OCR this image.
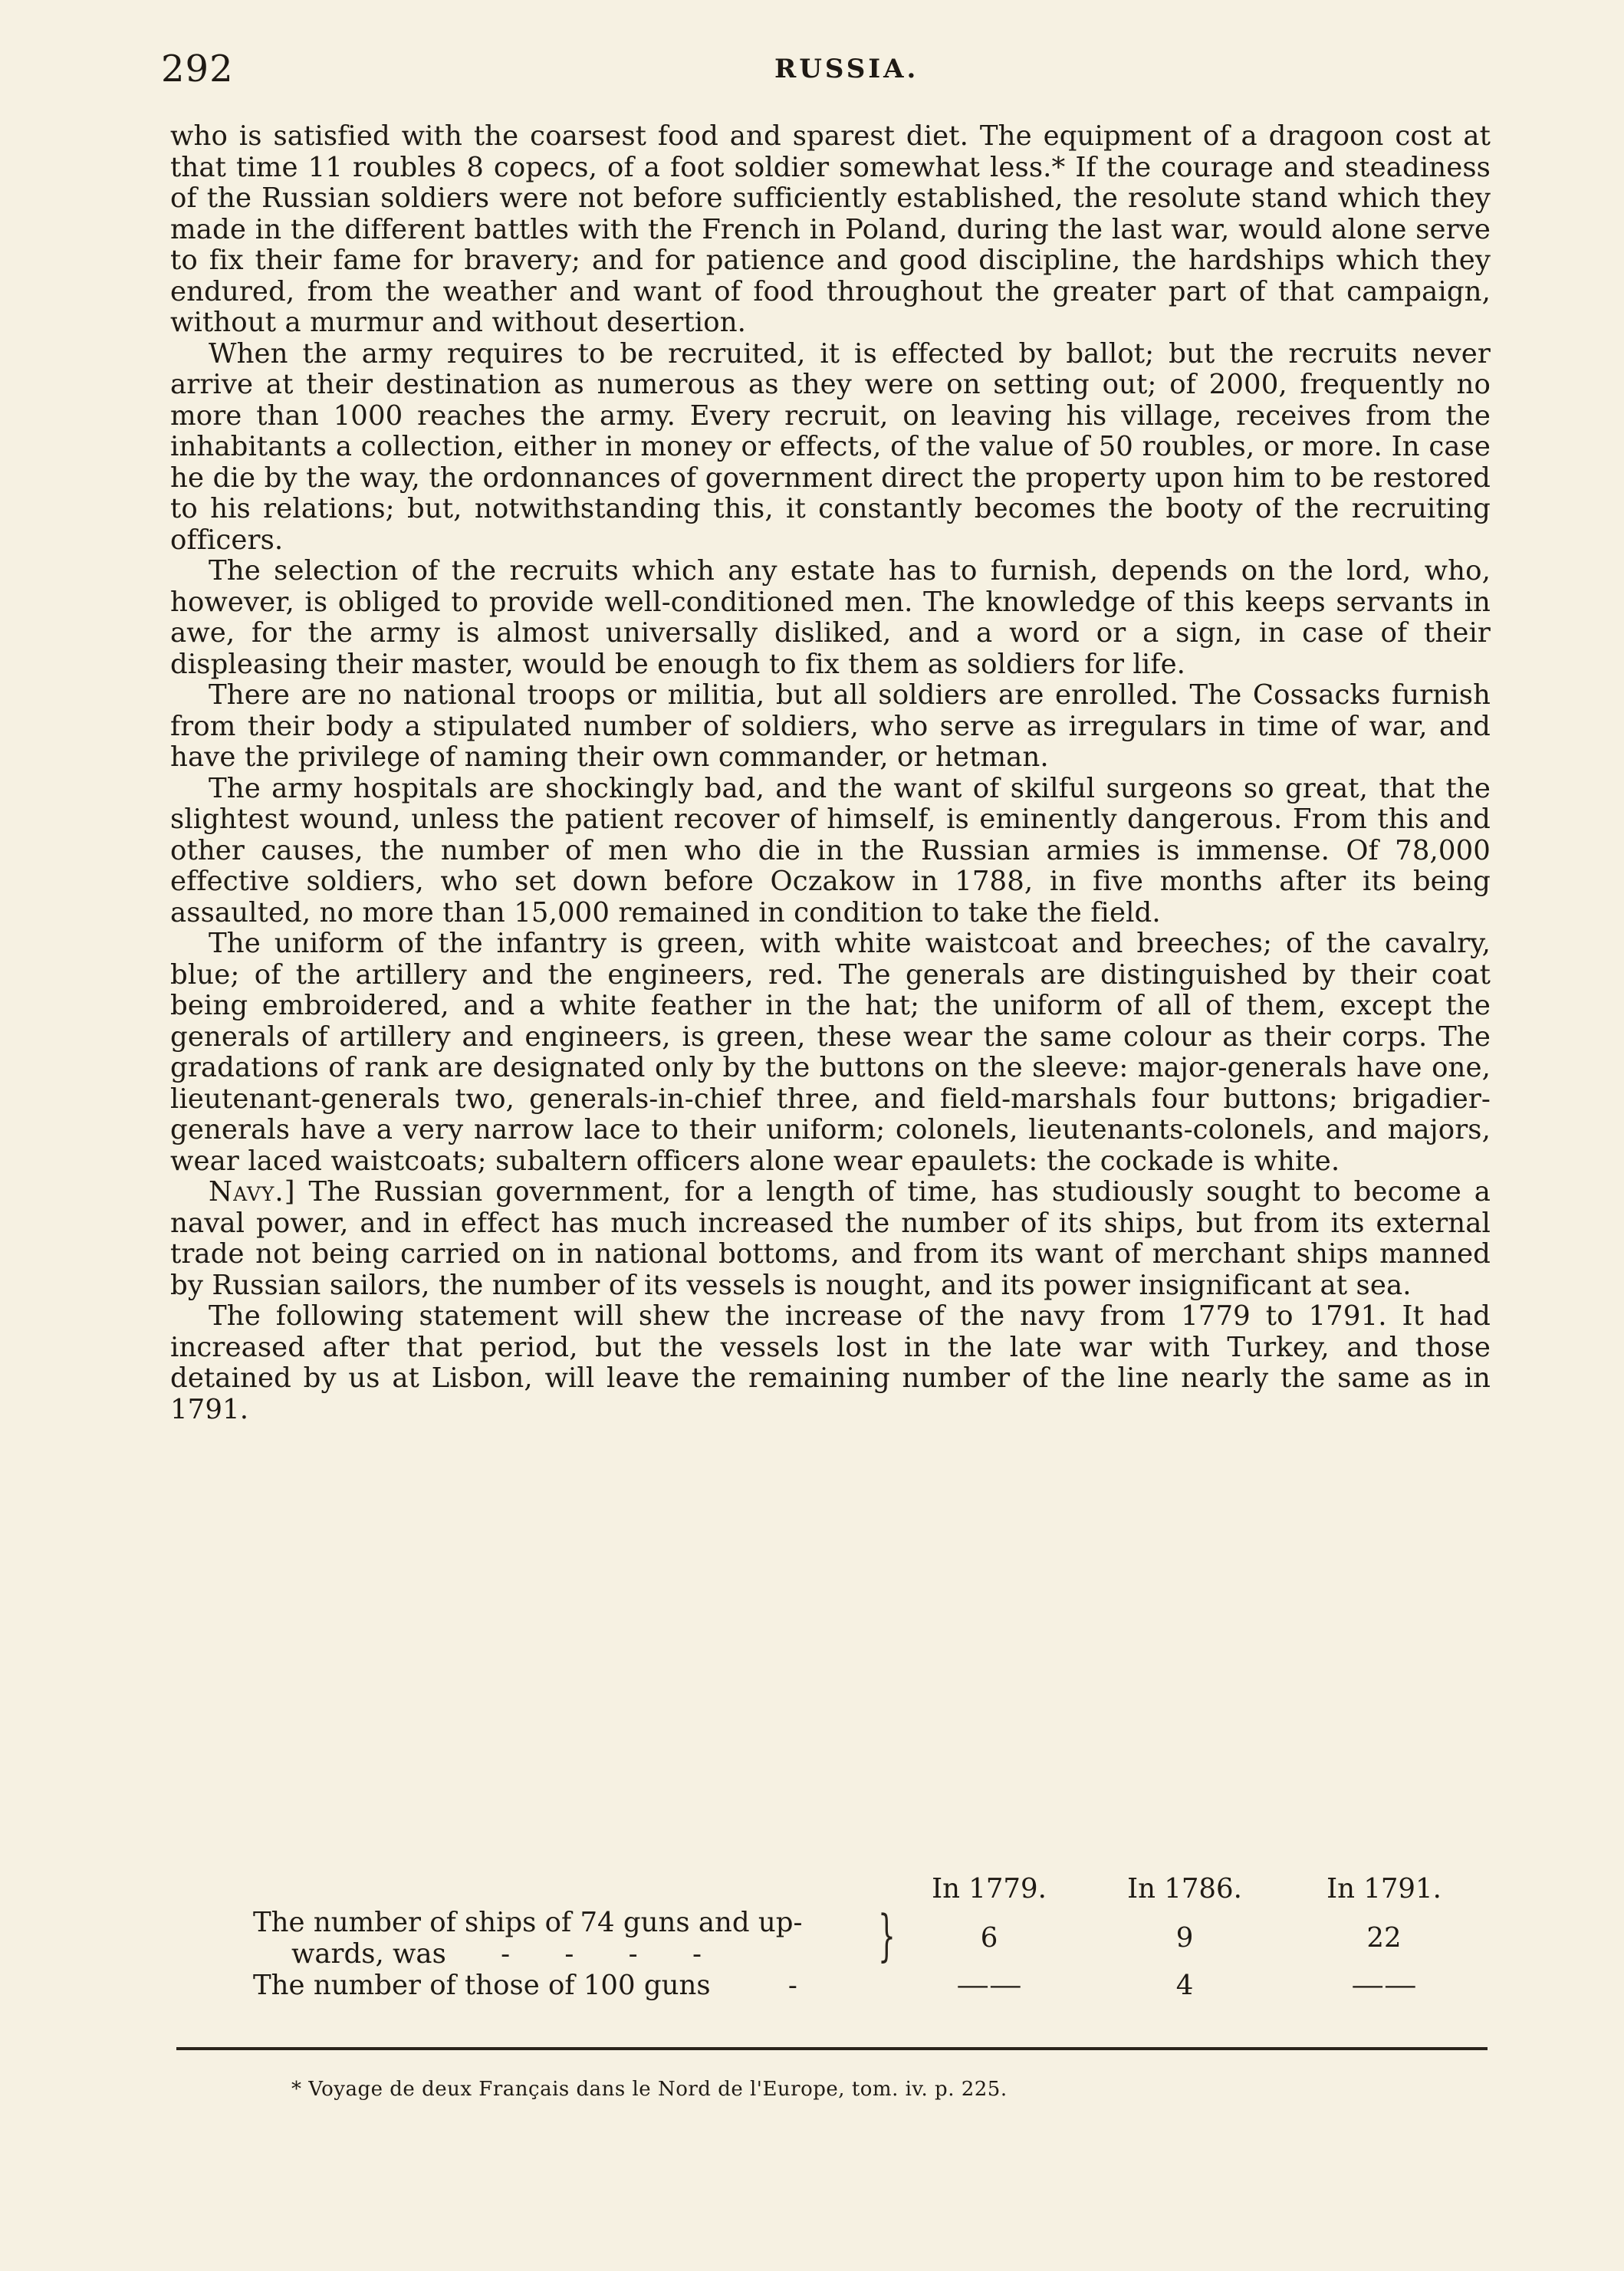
292	RUSSIA.

who is satisfied with the coarsest food and sparest diet. The equipment of a dragoon cost at that time 11 roubles 8 copecs, of a foot soldier somewhat less.* If the courage and steadiness of the Russian soldiers were not before sufficiently established, the resolute stand which they made in the different battles with the French in Poland, during the last war, would alone serve to fix their fame for bravery; and for patience and good discipline, the hardships which they endured, from the weather and want of food throughout the greater part of that campaign, without a murmur and without desertion.

When the army requires to be recruited, it is effected by ballot; but the recruits never arrive at their destination as numerous as they were on setting out; of 2000, frequently no more than 1000 reaches the army. Every recruit, on leaving his village, receives from the inhabitants a collection, either in money or effects, of the value of 50 roubles, or more. In case he die by the way, the ordonnances of government direct the property upon him to be restored to his relations; but, notwithstanding this, it constantly becomes the booty of the recruiting officers.

The selection of the recruits which any estate has to furnish, depends on the lord, who, however, is obliged to provide well-conditioned men. The knowledge of this keeps servants in awe, for the army is almost universally disliked, and a word or a sign, in case of their displeasing their master, would be enough to fix them as soldiers for life.

There are no national troops or militia, but all soldiers are enrolled. The Cossacks furnish from their body a stipulated number of soldiers, who serve as irregulars in time of war, and have the privilege of naming their own commander, or hetman.

The army hospitals are shockingly bad, and the want of skilful surgeons so great, that the slightest wound, unless the patient recover of himself, is eminently dangerous. From this and other causes, the number of men who die in the Russian armies is immense. Of 78,000 effective soldiers, who set down before Oczakow in 1788, in five months after its being assaulted, no more than 15,000 remained in condition to take the field.

The uniform of the infantry is green, with white waistcoat and breeches; of the cavalry, blue; of the artillery and the engineers, red. The generals are distinguished by their coat being embroidered, and a white feather in the hat; the uniform of all of them, except the generals of artillery and engineers, is green, these wear the same colour as their corps. The gradations of rank are designated only by the buttons on the sleeve: major-generals have one, lieutenant-generals two, generals-in-chief three, and field-marshals four buttons; brigadier-generals have a very narrow lace to their uniform; colonels, lieutenants-colonels, and majors, wear laced waistcoats; subaltern officers alone wear epaulets: the cockade is white.

Navy.] The Russian government, for a length of time, has studiously sought to become a naval power, and in effect has much increased the number of its ships, but from its external trade not being carried on in national bottoms, and from its want of merchant ships manned by Russian sailors, the number of its vessels is nought, and its power insignificant at sea.

The following statement will shew the increase of the navy from 1779 to 1791. It had increased after that period, but the vessels lost in the late war with Turkey, and those detained by us at Lisbon, will leave the remaining number of the line nearly the same as in 1791.

In 1779.	In 1786.	In 1791.
The number of ships of 74 guns and up-
wards, was - - - -	}	6	9	22
The number of those of 100 guns	-	——	4	——
* Voyage de deux Français dans le Nord de l'Europe, tom. iv. p. 225.
